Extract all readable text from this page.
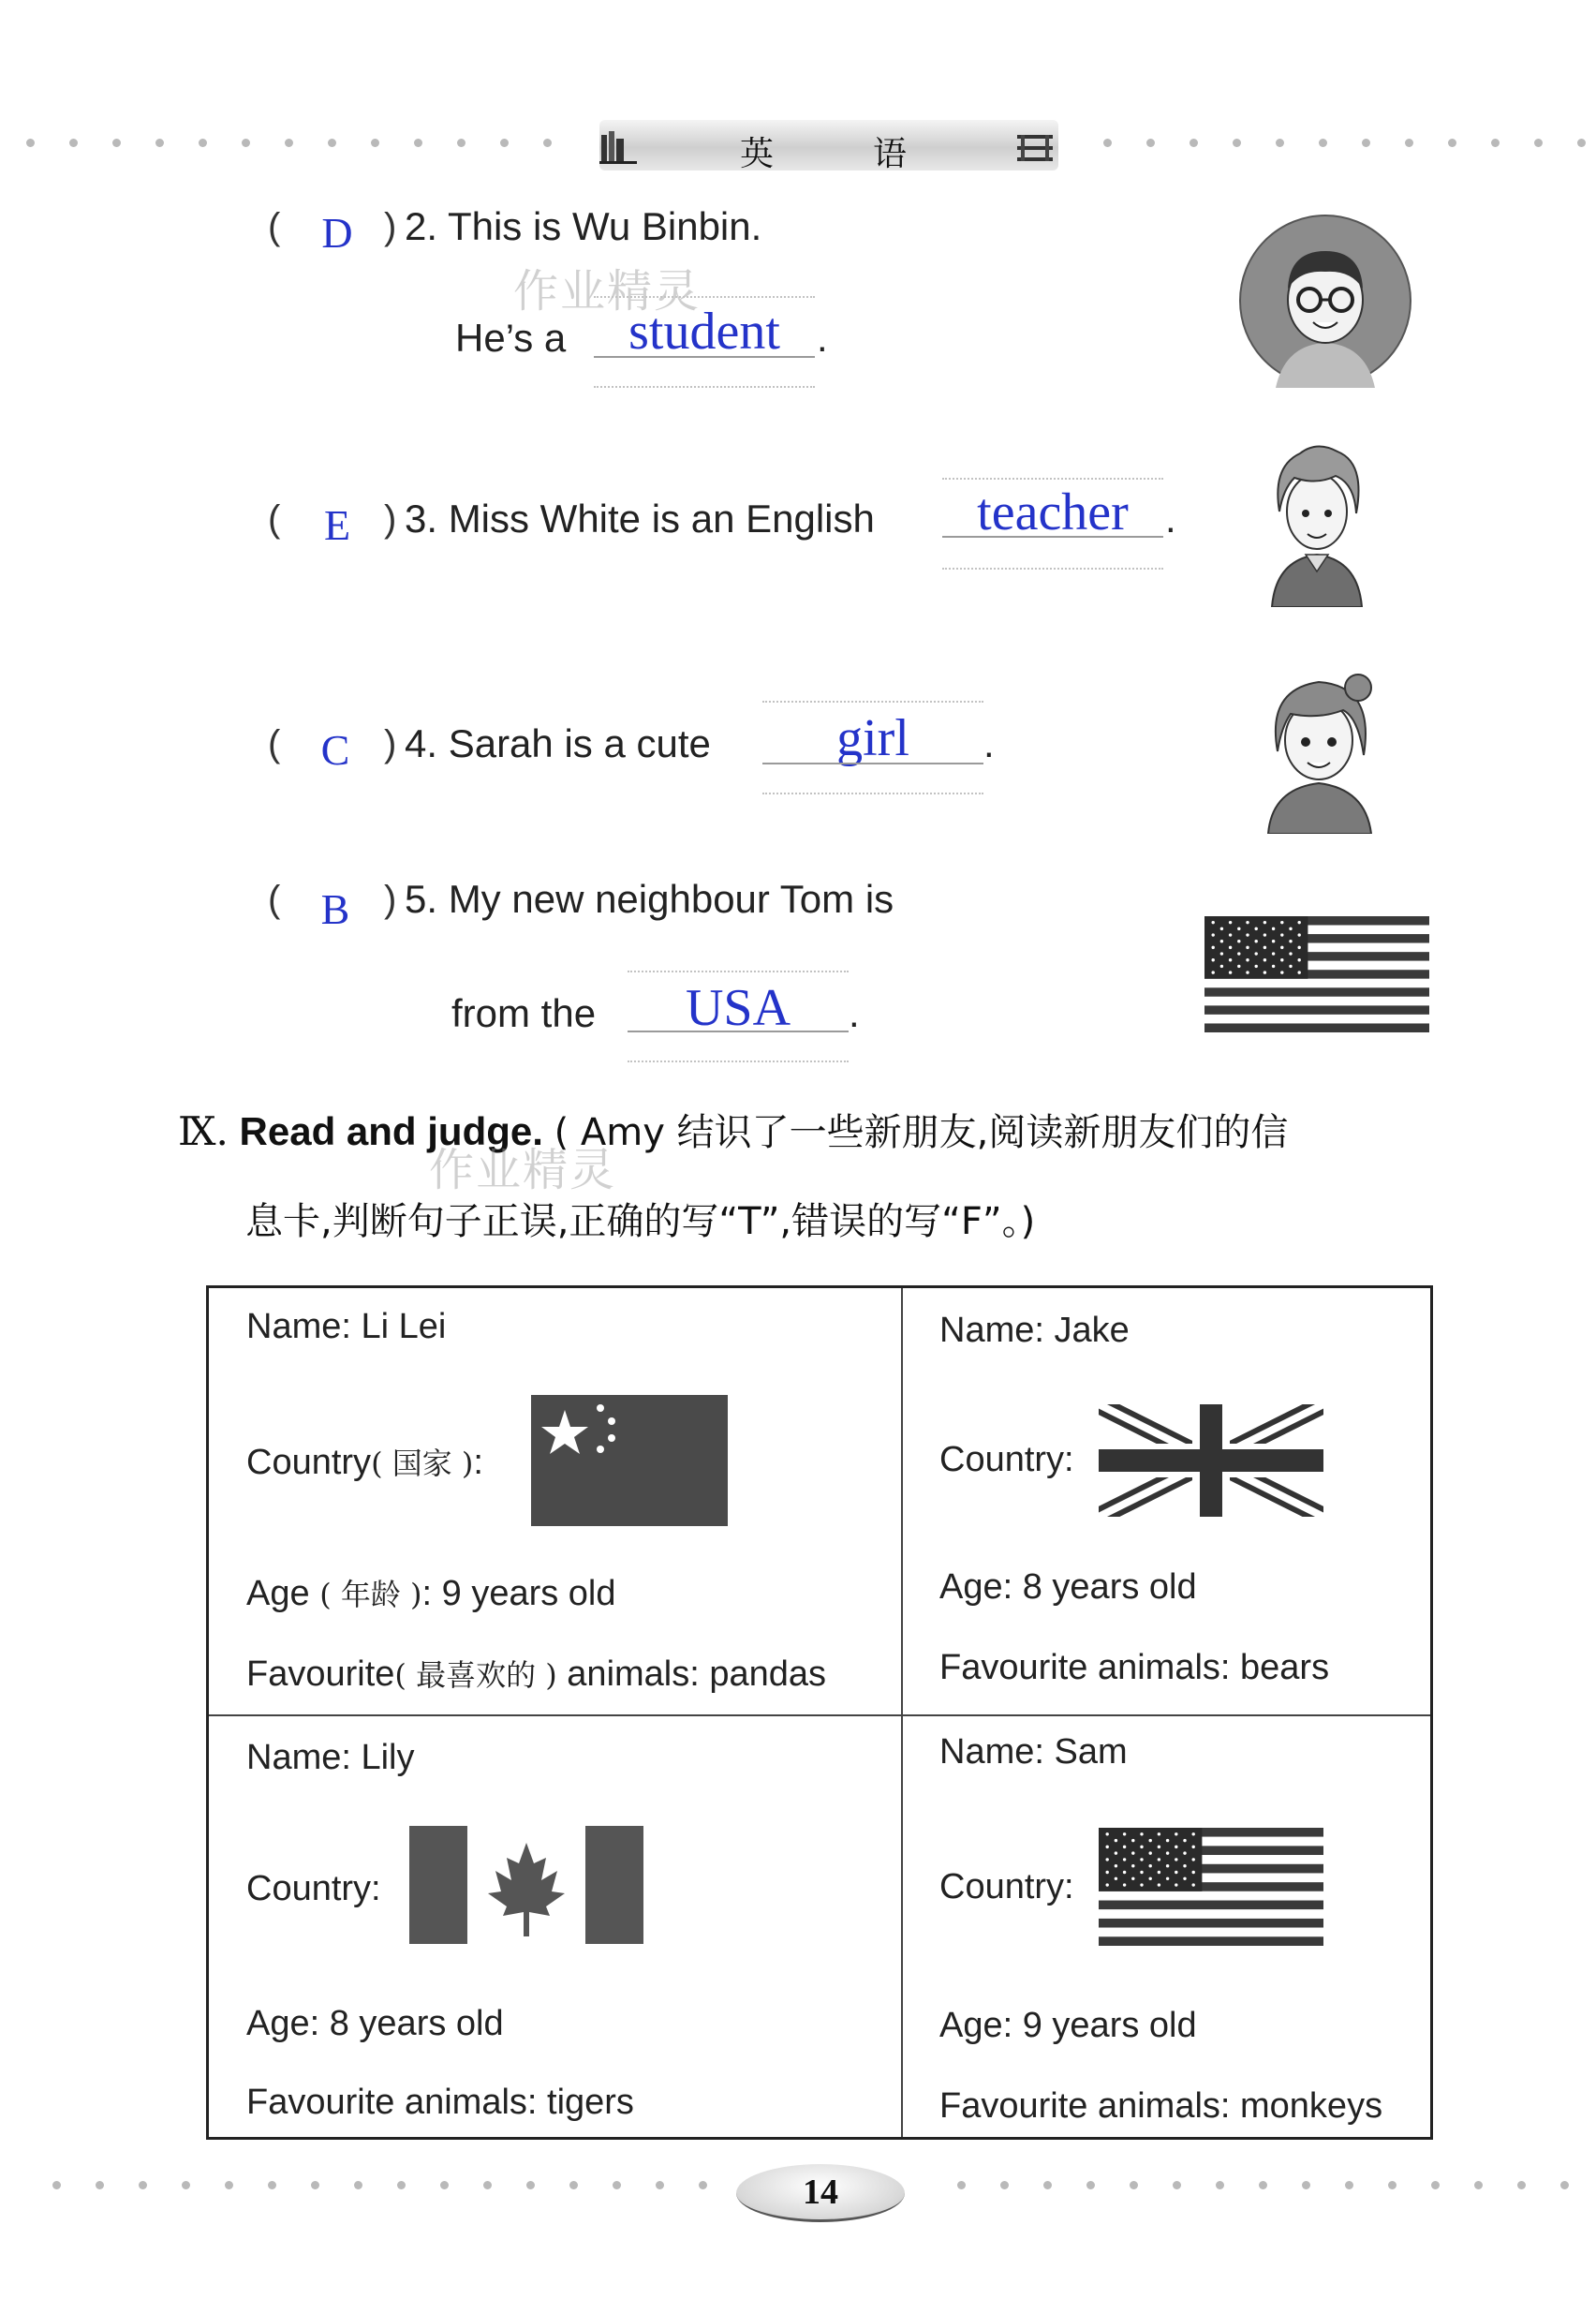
英	语
( D ) 2. This is Wu Binbin.
作业精灵
He’s a	student .
(	E ) 3. Miss White is an English	teacher .
( C ) 4. Sarah is a cute	girl	.
( B ) 5. My new neighbour Tom is
from the	USA	.
Ⅸ. Read and judge. ( Amy 结识了一些新朋友,阅读新朋友们的信
作业精灵
息卡,判断句子正误,正确的写“T”,错误的写“F”。)
Name: Li Lei
Country( 国家 ):
Age ( 年龄 ): 9 years old
Favourite( 最喜欢的 ) animals: pandas
Name: Jake
Country:
Age: 8 years old
Favourite animals: bears
Name: Lily
Country:
Age: 8 years old
Favourite animals: tigers
Name: Sam
Country:
Age: 9 years old
Favourite animals: monkeys
14
